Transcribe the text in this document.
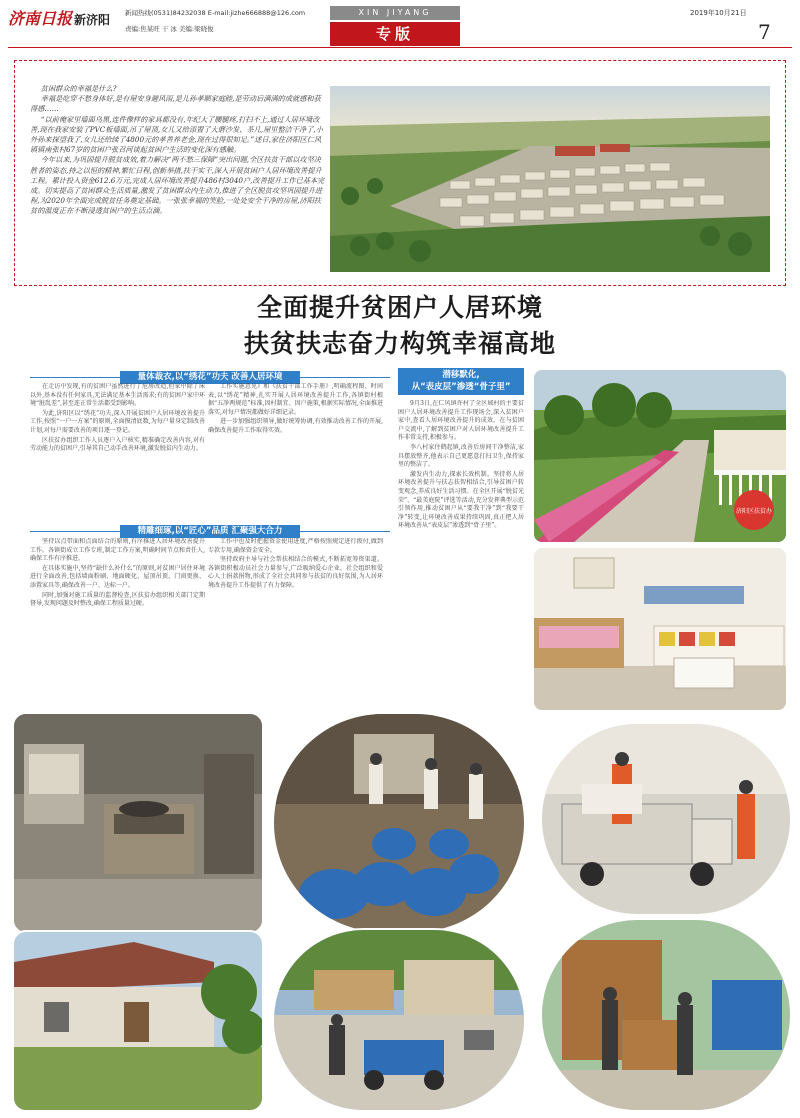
济南日报 新济阳	新闻热线(0531)84232038 E-mail:jizhe666888@126.com
责编:焦某旺 干 冰 美编:梁晓俊
XIN JIYANG
专版
2019年10月21日
7

贫困群众的幸福是什么?

幸福是吃穿不愁身体好,是有屋安身避风雨,是儿孙孝顺家庭睦,是劳动后满满的成就感和获得感……

“以前俺家里墙面乌黑,连件像样的家具都没有,年纪大了腰腿疼,打扫不上,通过人居环境改善,现在我家安装了PVC板墙面,吊了屋顶,女儿又给添置了大磨沙发、茶几,屋里整洁干净了,小外孙来探望我了,女儿还给续了4800元的孝善养老金,现在过得很知足。”述日,家住济阳区仁风镇镇南张村67岁的贫困户张召河谈起贫困户生活的变化深有感触。

今年以来,为巩固提升脱贫成效,着力解决“两不愁三保障”突出问题,全区扶贫干部以攻坚决胜者的姿态,持之以恒的精神,繁忙日程,创新举措,扶干实干,深入开展贫困户人居环境改善提升工程。累计投入资金612.6万元,完成人居环境改善提升486村3040户,改善提升工作已基本完成。切实提高了贫困群众生活质量,激发了贫困群众内生动力,推进了全区脱贫攻坚巩固提升进程,为2020年全面完成脱贫任务奠定基础。一张张幸福的笑脸,一处处安全干净的房屋,济阳扶贫的温度正在不断浸透贫困户的生活点滴。

全面提升贫困户人居环境
扶贫扶志奋力构筑幸福高地
量体裁衣,以“绣花”功夫 改善人居环境

在走访中发现,有的贫困户虽然进行了危房改造,但家中除了床以外,基本没有任何家具,无法满足基本生活需求;有的贫困户家中环境“脏乱差”,甚至连正常生活都受到影响。

为此,济阳区以“绣花”功夫,深入开展贫困户人居环境改善提升工作,按照“一户一方案”的原则,全面摸清底数,为每户量身定制改善计划,对每户需要改善的项目逐一登记。

区扶贫办组织工作人员逐户入户核实,精准确定改善内容,对有劳动能力的贫困户,引导其自己动手改善环境,激发脱贫内生动力。

工作实施意见》和《扶贫干部工作手册》,明确流程图、时间表,以“绣花”精神,扎实开展人居环境改善提升工作,各镇街村根据“五净两规范”标准,因村制宜、因户施策,根据实际情况,全面推进落实,对每户情况都做好详细记录。

进一步加强组织领导,做好统筹协调,有效推动改善工作的开展,确保改善提升工作取得实效。

精雕细琢,以“匠心”品质 汇聚强大合力

坚持以点带面和点面结合的原则,有序推进人居环境改善提升工作。各镇街成立工作专班,制定工作方案,明确时间节点和责任人,确保工作有序推进。

在具体实施中,坚持“缺什么补什么”的原则,对贫困户居住环境进行全面改善,包括墙面粉刷、地面硬化、屋顶吊顶、门窗更换、添置家具等,确保改善一户、达标一户。

同时,加强对施工质量的监督检查,区扶贫办组织相关部门定期督导,发现问题及时整改,确保工程质量过硬。

工作中也及时把握资金使用进度,严格按照规定进行拨付,做到专款专用,确保资金安全。

坚持政府主导与社会帮扶相结合的模式,不断拓宽筹资渠道。各镇街积极动员社会力量参与,广泛吸纳爱心企业、社会组织和爱心人士捐款捐物,形成了全社会共同参与扶贫的良好氛围,为人居环境改善提升工作提供了有力保障。

潜移默化,
从“表皮层”渗透“骨子里”

9月3日,在仁风镇许村了全区域村的主要贫困户人居环境改善提升工作现场会,深入贫困户家中,查看人居环境改善提升的成效。在与贫困户交流中,了解到贫困户对人居环境改善提升工作非常支持,积极参与。

李八村家住鹤起镇,改善后房间干净整洁,家具摆放整齐,他表示自己更愿意打扫卫生,保持家里的整洁了。

激发内生动力,探索长效机制。坚持将人居环境改善提升与扶志扶智相结合,引导贫困户转变观念,养成良好生活习惯。在全区开展“脱贫光荣”、“最美庭院”评选等活动,充分发挥典型示范引领作用,推动贫困户从“要我干净”到“我要干净”转变,让环境改善成果持续巩固,真正把人居环境改善从“表皮层”渗透到“骨子里”。

济阳区扶贫办
